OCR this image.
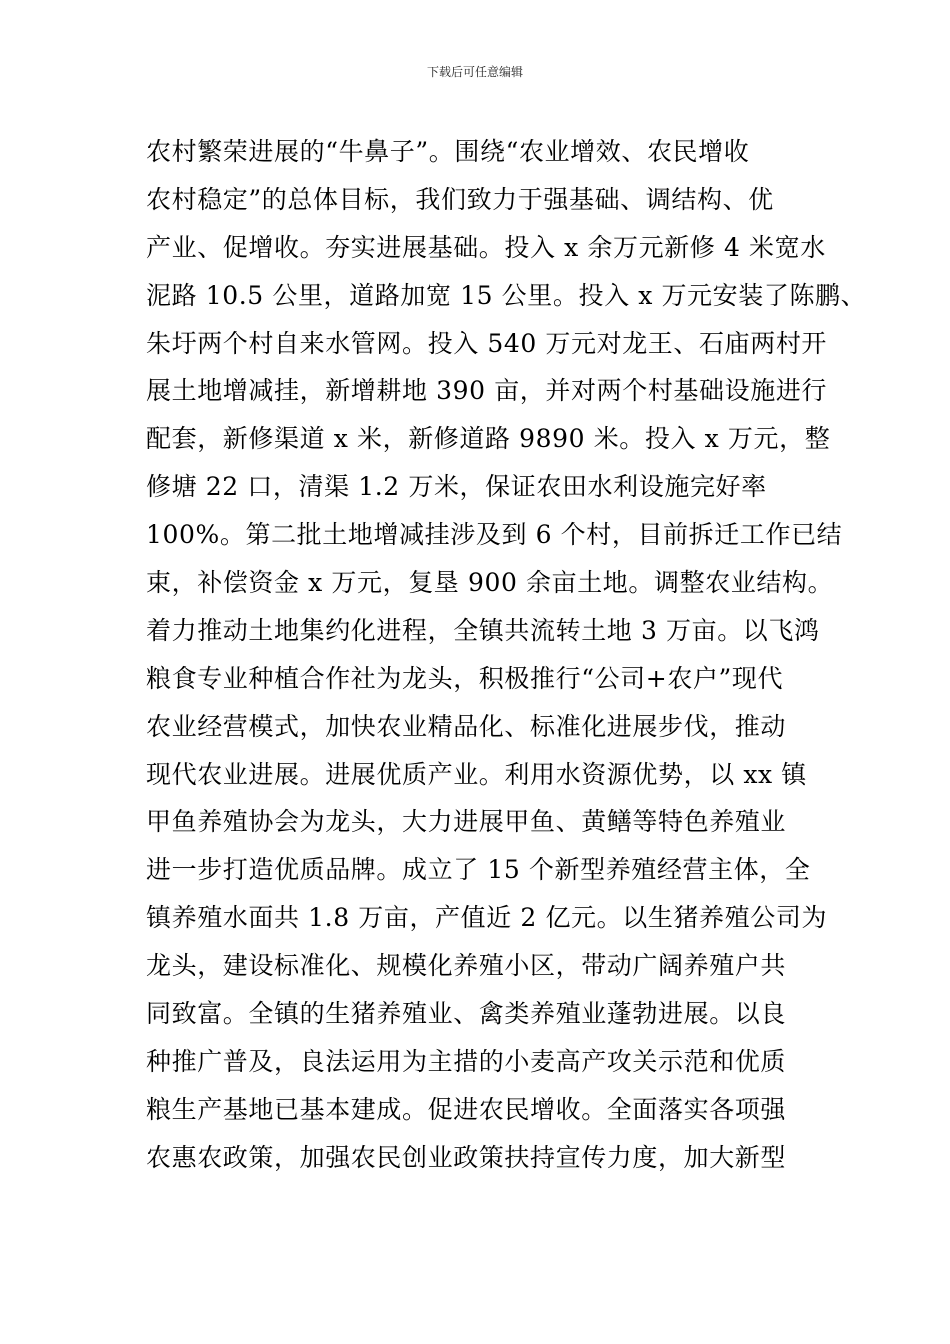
下载后可任意编辑
农村繁荣进展的“牛鼻子”。围绕“农业增效、农民增收
农村稳定”的总体目标，我们致力于强基础、调结构、优
产业、促增收。夯实进展基础。投入 x 余万元新修 4 米宽水
泥路 10.5 公里，道路加宽 15 公里。投入 x 万元安装了陈鹏、
朱圩两个村自来水管网。投入 540 万元对龙王、石庙两村开
展土地增减挂，新增耕地 390 亩，并对两个村基础设施进行
配套，新修渠道 x 米，新修道路 9890 米。投入 x 万元，整
修塘 22 口，清渠 1.2 万米，保证农田水利设施完好率
100%。第二批土地增减挂涉及到 6 个村，目前拆迁工作已结
束，补偿资金 x 万元，复垦 900 余亩土地。调整农业结构。
着力推动土地集约化进程，全镇共流转土地 3 万亩。以飞鸿
粮食专业种植合作社为龙头，积极推行“公司+农户”现代
农业经营模式，加快农业精品化、标准化进展步伐，推动
现代农业进展。进展优质产业。利用水资源优势，以 xx 镇
甲鱼养殖协会为龙头，大力进展甲鱼、黄鳝等特色养殖业
进一步打造优质品牌。成立了 15 个新型养殖经营主体，全
镇养殖水面共 1.8 万亩，产值近 2 亿元。以生猪养殖公司为
龙头，建设标准化、规模化养殖小区，带动广阔养殖户共
同致富。全镇的生猪养殖业、禽类养殖业蓬勃进展。以良
种推广普及，良法运用为主措的小麦高产攻关示范和优质
粮生产基地已基本建成。促进农民增收。全面落实各项强
农惠农政策，加强农民创业政策扶持宣传力度，加大新型
